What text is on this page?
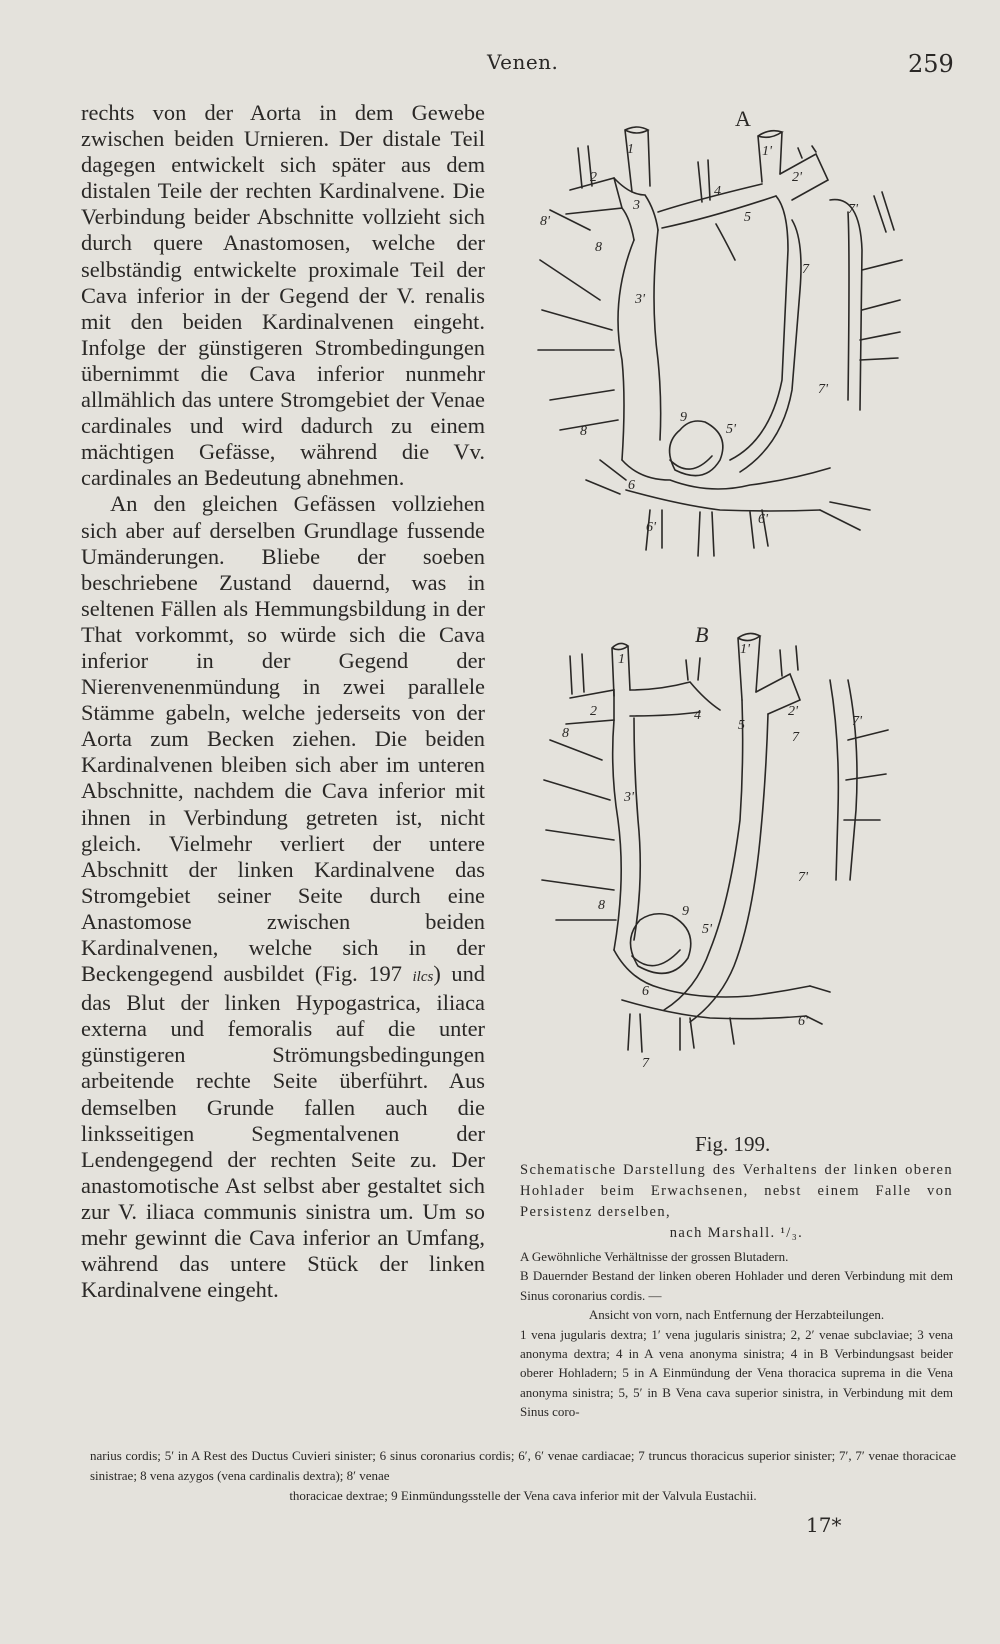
Venen.	259

rechts von der Aorta in dem Gewebe zwischen beiden Urnieren. Der distale Teil dagegen entwickelt sich später aus dem distalen Teile der rechten Kardinalvene. Die Verbindung beider Abschnitte vollzieht sich durch quere Anastomosen, welche der selbständig entwickelte proximale Teil der Cava inferior in der Gegend der V. renalis mit den beiden Kardinalvenen eingeht. Infolge der günstigeren Strombedingungen übernimmt die Cava inferior nunmehr allmählich das untere Stromgebiet der Venae cardinales und wird dadurch zu einem mächtigen Gefässe, während die Vv. cardinales an Bedeutung abnehmen.

An den gleichen Gefässen vollziehen sich aber auf derselben Grundlage fussende Umänderungen. Bliebe der soeben beschriebene Zustand dauernd, was in seltenen Fällen als Hemmungsbildung in der That vorkommt, so würde sich die Cava inferior in der Gegend der Nierenvenenmündung in zwei parallele Stämme gabeln, welche jederseits von der Aorta zum Becken ziehen. Die beiden Kardinalvenen bleiben sich aber im unteren Abschnitte, nachdem die Cava inferior mit ihnen in Verbindung getreten ist, nicht gleich. Vielmehr verliert der untere Abschnitt der linken Kardinalvene das Stromgebiet seiner Seite durch eine Anastomose zwischen beiden Kardinalvenen, welche sich in der Beckengegend ausbildet (Fig. 197 ilcs) und das Blut der linken Hypogastrica, iliaca externa und femoralis auf die unter günstigeren Strömungsbedingungen arbeitende rechte Seite überführt. Aus demselben Grunde fallen auch die linksseitigen Segmentalvenen der Lendengegend der rechten Seite zu. Der anastomotische Ast selbst aber gestaltet sich zur V. iliaca communis sinistra um. Um so mehr gewinnt die Cava inferior an Umfang, während das untere Stück der linken Kardinalvene eingeht.

A
1	1'
2	2'
3
3'
4
5
5'
6
6'
6'
7
7'
7'
8
8
8'
9
B
1
1'
2	2'
3'
4
5
5'
6
6'
7
7'
7'
8
8	9
7
Fig. 199.
Schematische Darstellung des Verhaltens der linken oberen Hohlader beim Erwachsenen, nebst einem Falle von Persistenz derselben,
nach Marshall. ¹/₃.

A Gewöhnliche Verhältnisse der grossen Blutadern.

B Dauernder Bestand der linken oberen Hohlader und deren Verbindung mit dem Sinus coronarius cordis. —

Ansicht von vorn, nach Entfernung der Herzabteilungen.

1 vena jugularis dextra; 1′ vena jugularis sinistra; 2, 2′ venae subclaviae; 3 vena anonyma dextra; 4 in A vena anonyma sinistra; 4 in B Verbindungsast beider oberer Hohladern; 5 in A Einmündung der Vena thoracica suprema in die Vena anonyma sinistra; 5, 5′ in B Vena cava superior sinistra, in Verbindung mit dem Sinus coro-

narius cordis; 5′ in A Rest des Ductus Cuvieri sinister; 6 sinus coronarius cordis; 6′, 6′ venae cardiacae; 7 truncus thoracicus superior sinister; 7′, 7′ venae thoracicae sinistrae; 8 vena azygos (vena cardinalis dextra); 8′ venae
thoracicae dextrae; 9 Einmündungsstelle der Vena cava inferior mit der Valvula Eustachii.
17*
